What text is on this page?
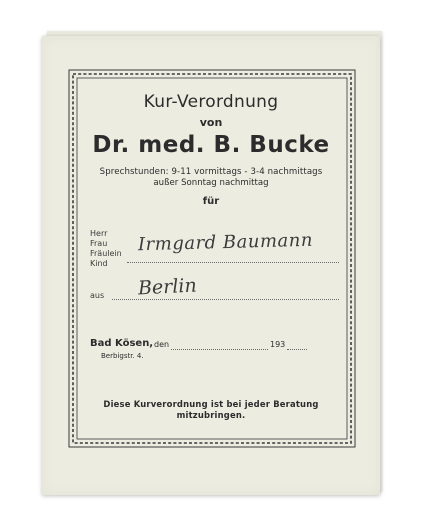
Kur-Verordnung
von
Dr. med. B. Bucke
Sprechstunden: 9-11 vormittags - 3-4 nachmittags
außer Sonntag nachmittag
für
Herr
Frau
Fräulein
Kind
Irmgard Baumann
aus Berlin
Bad Kösen, den	193
Berbigstr. 4.
Diese Kurverordnung ist bei jeder Beratung
mitzubringen.
